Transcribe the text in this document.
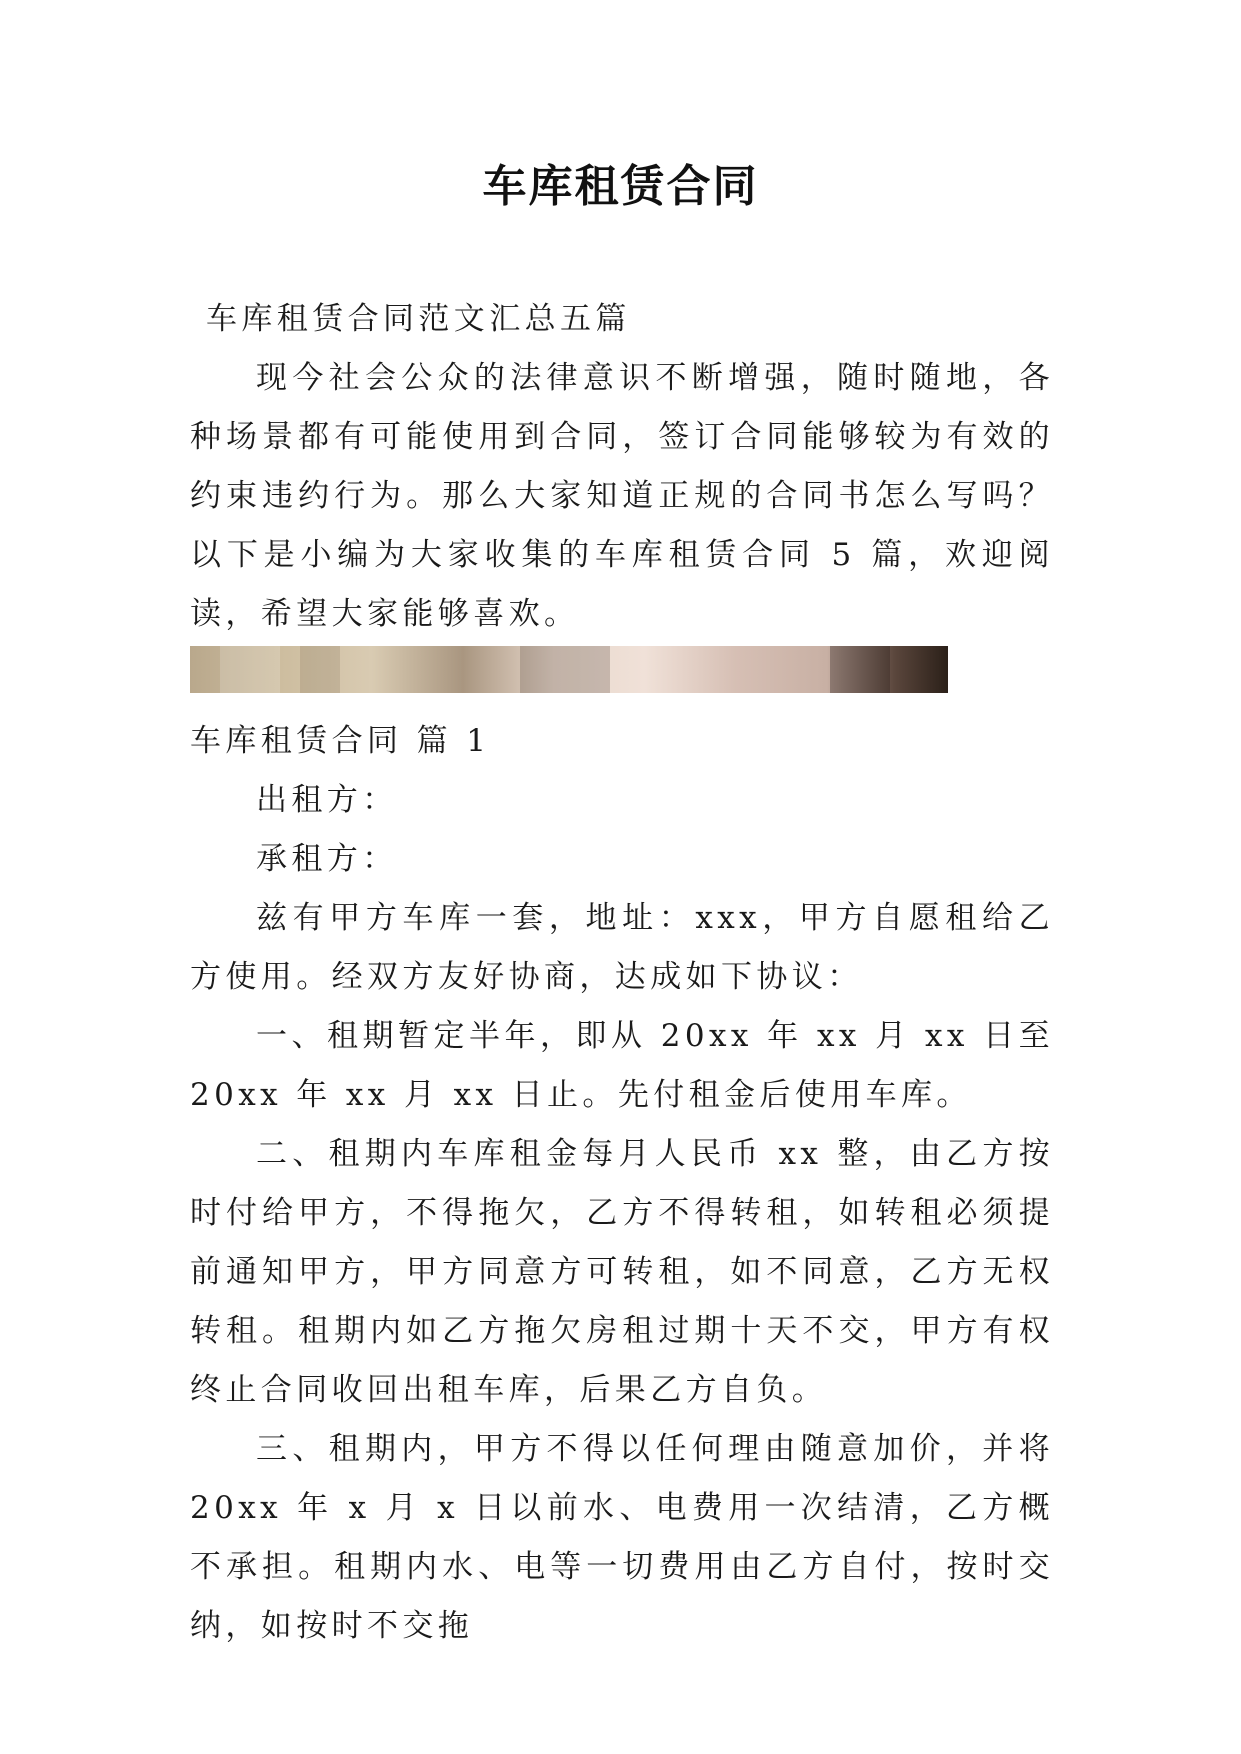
车库租赁合同

车库租赁合同范文汇总五篇

现今社会公众的法律意识不断增强，随时随地，各种场景都有可能使用到合同，签订合同能够较为有效的约束违约行为。那么大家知道正规的合同书怎么写吗？以下是小编为大家收集的车库租赁合同 5 篇，欢迎阅读，希望大家能够喜欢。

车库租赁合同 篇 1

出租方：

承租方：

兹有甲方车库一套，地址：xxx，甲方自愿租给乙方使用。经双方友好协商，达成如下协议：

一、租期暂定半年，即从 20xx 年 xx 月 xx 日至 20xx 年 xx 月 xx 日止。先付租金后使用车库。

二、租期内车库租金每月人民币 xx 整，由乙方按时付给甲方，不得拖欠，乙方不得转租，如转租必须提前通知甲方，甲方同意方可转租，如不同意，乙方无权转租。租期内如乙方拖欠房租过期十天不交，甲方有权终止合同收回出租车库，后果乙方自负。

三、租期内，甲方不得以任何理由随意加价，并将 20xx 年 x 月 x 日以前水、电费用一次结清，乙方概不承担。租期内水、电等一切费用由乙方自付，按时交纳，如按时不交拖
